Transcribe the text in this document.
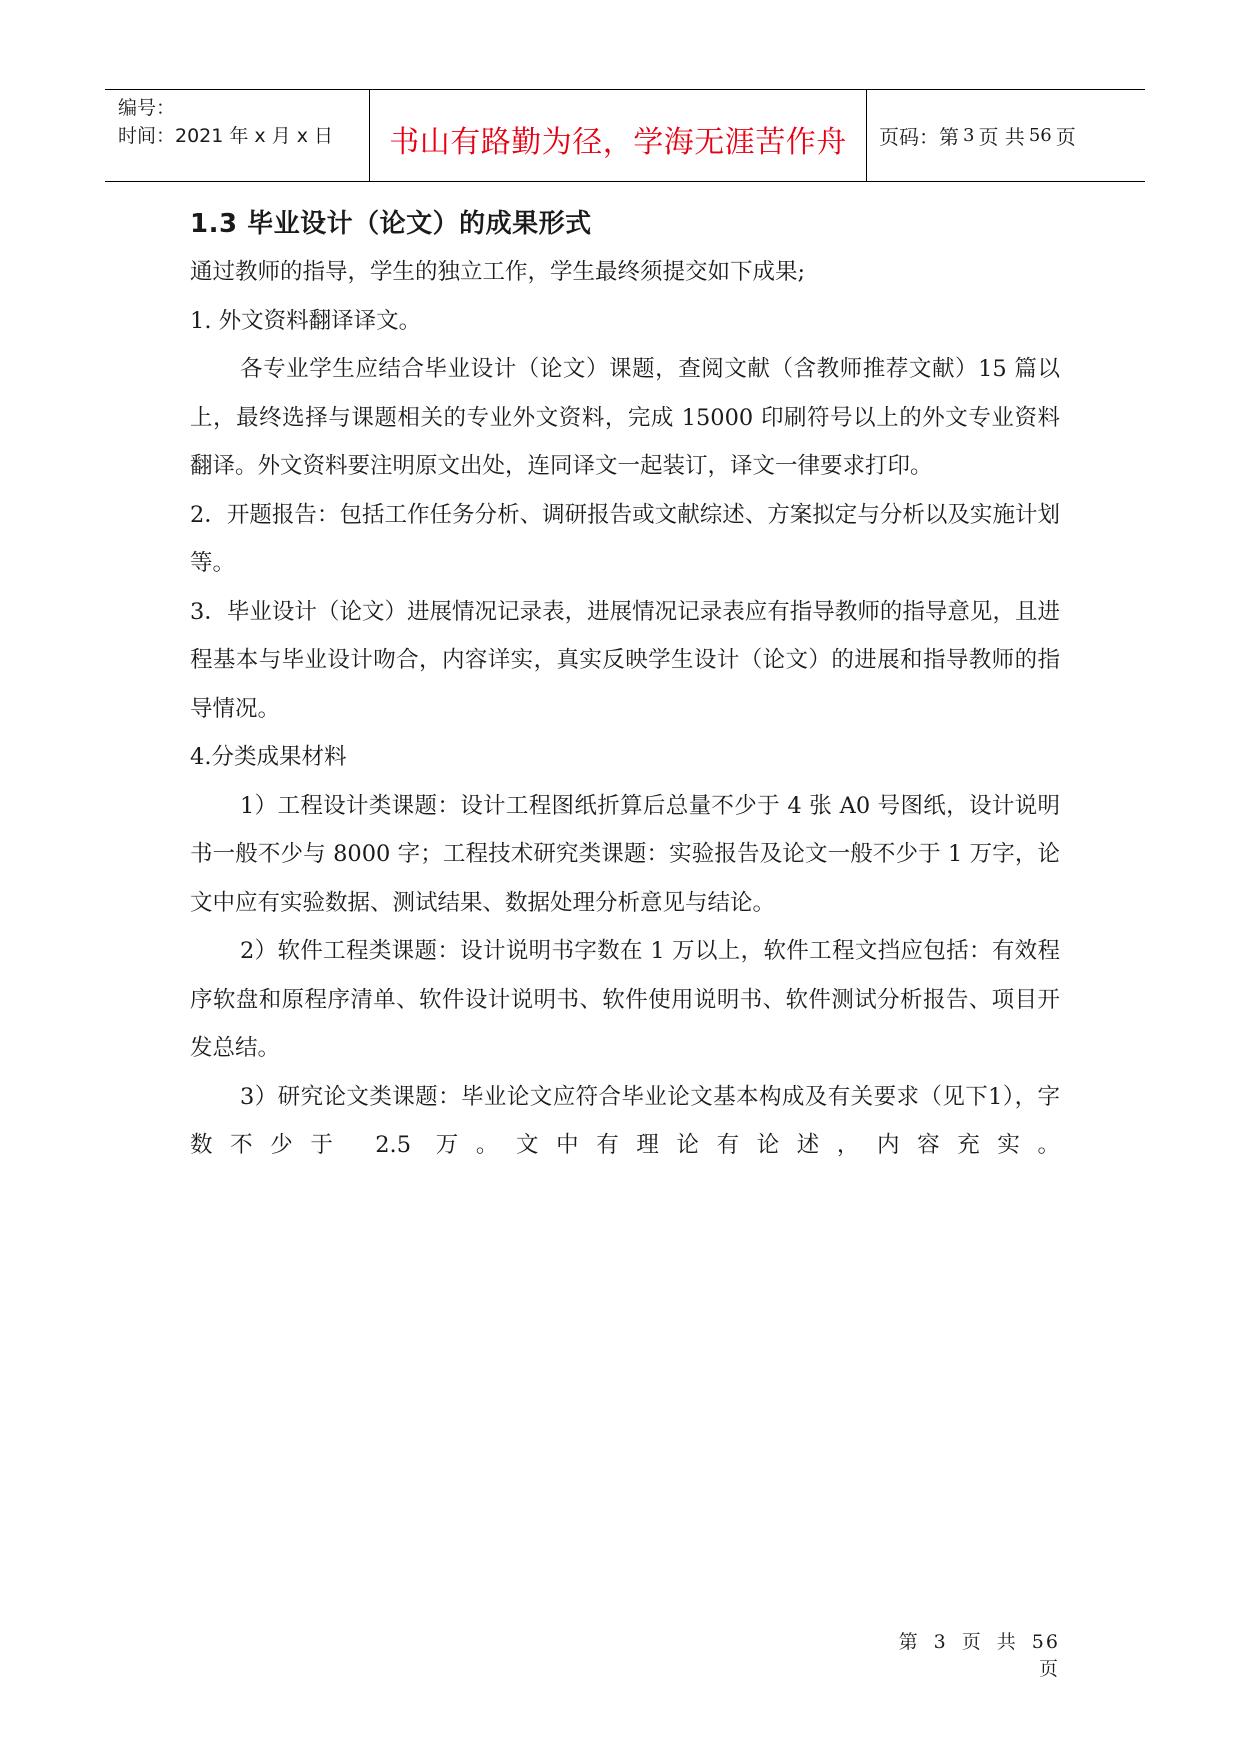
编号：
时间：2021 年 x 月 x 日	书山有路勤为径，学海无涯苦作舟 页码：第 3 页 共 56 页
1.3 毕业设计（论文）的成果形式

通过教师的指导，学生的独立工作，学生最终须提交如下成果;

1. 外文资料翻译译文。

各专业学生应结合毕业设计（论文）课题，查阅文献（含教师推荐文献）15 篇以上，最终选择与课题相关的专业外文资料，完成 15000 印刷符号以上的外文专业资料翻译。外文资料要注明原文出处，连同译文一起装订，译文一律要求打印。

2．开题报告：包括工作任务分析、调研报告或文献综述、方案拟定与分析以及实施计划等。

3．毕业设计（论文）进展情况记录表，进展情况记录表应有指导教师的指导意见，且进程基本与毕业设计吻合，内容详实，真实反映学生设计（论文）的进展和指导教师的指导情况。

4.分类成果材料

1）工程设计类课题：设计工程图纸折算后总量不少于 4 张 A0 号图纸，设计说明书一般不少与 8000 字；工程技术研究类课题：实验报告及论文一般不少于 1 万字，论文中应有实验数据、测试结果、数据处理分析意见与结论。

2）软件工程类课题：设计说明书字数在 1 万以上，软件工程文挡应包括：有效程序软盘和原程序清单、软件设计说明书、软件使用说明书、软件测试分析报告、项目开发总结。

3）研究论文类课题：毕业论文应符合毕业论文基本构成及有关要求（见下1），字数不少于 2.5 万。文中有理论有论述，内容充实。

第 3 页 共 56 页
